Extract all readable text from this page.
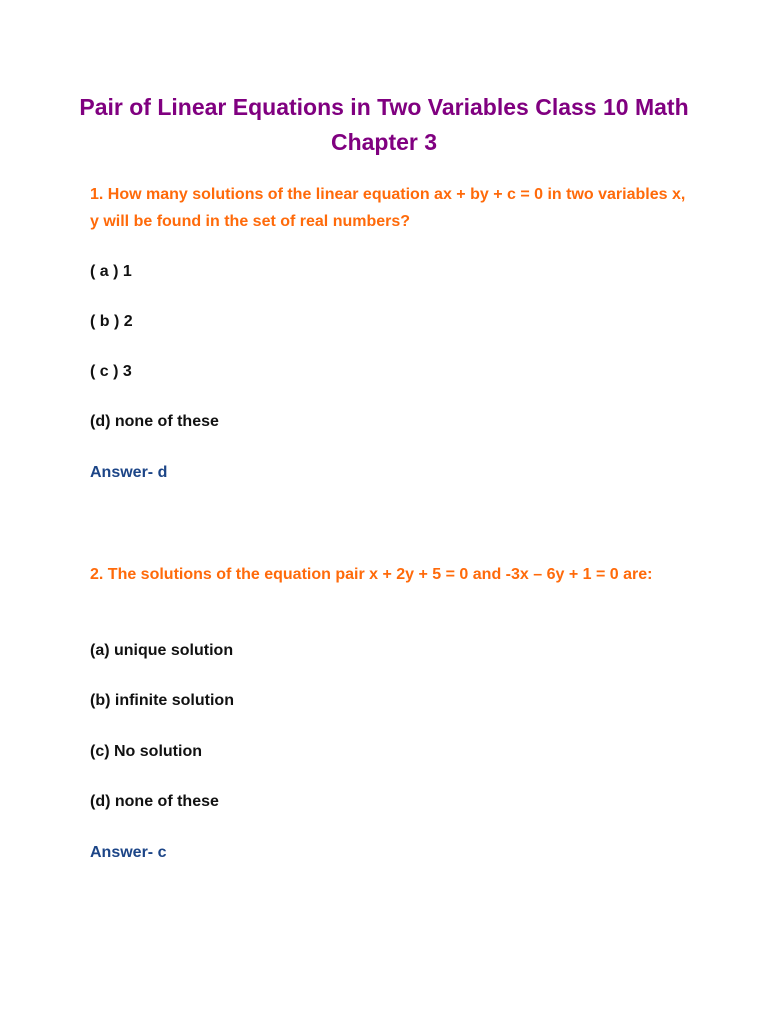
Pair of Linear Equations in Two Variables Class 10 Math Chapter 3

1. How many solutions of the linear equation ax + by + c = 0 in two variables x, y will be found in the set of real numbers?

( a ) 1

( b ) 2

( c ) 3

(d) none of these

Answer- d

2. The solutions of the equation pair x + 2y + 5 = 0 and -3x – 6y + 1 = 0 are:

(a) unique solution

(b) infinite solution

(c) No solution

(d) none of these

Answer- c
